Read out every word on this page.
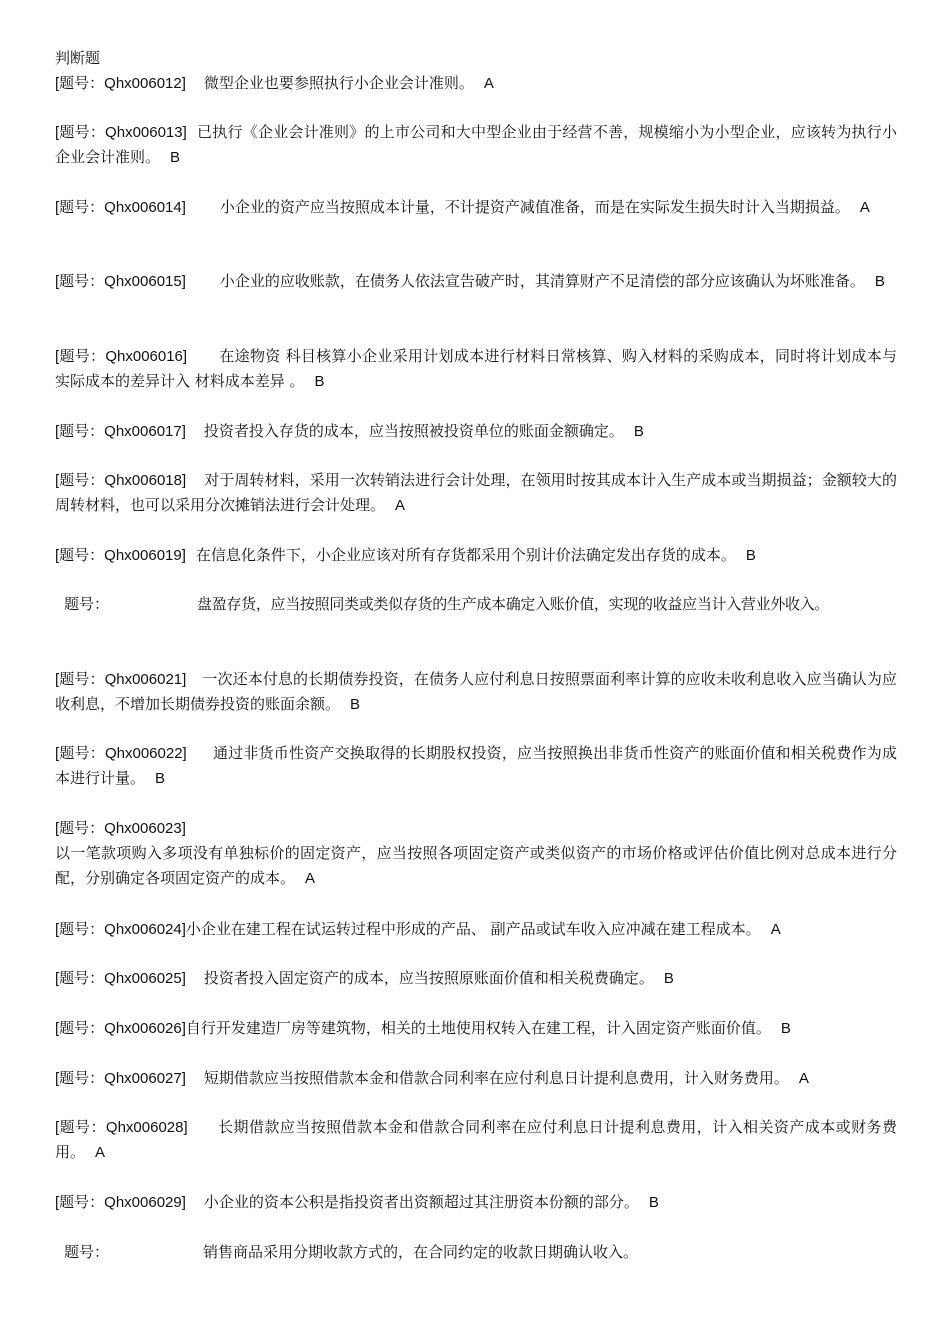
判断题
[题号：Qhx006012] 微型企业也要参照执行小企业会计准则。 A
[题号：Qhx006013] 已执行《企业会计准则》的上市公司和大中型企业由于经营不善，规模缩小为小型企业，应该转为执行小企业会计准则。 B
[题号：Qhx006014] 小企业的资产应当按照成本计量，不计提资产减值准备，而是在实际发生损失时计入当期损益。 A
[题号：Qhx006015] 小企业的应收账款，在债务人依法宣告破产时，其清算财产不足清偿的部分应该确认为坏账准备。 B
[题号：Qhx006016] 在途物资 科目核算小企业采用计划成本进行材料日常核算、购入材料的采购成本，同时将计划成本与实际成本的差异计入 材料成本差异 。 B
[题号：Qhx006017] 投资者投入存货的成本，应当按照被投资单位的账面金额确定。 B
[题号：Qhx006018] 对于周转材料，采用一次转销法进行会计处理，在领用时按其成本计入生产成本或当期损益；金额较大的周转材料，也可以采用分次摊销法进行会计处理。 A
[题号：Qhx006019] 在信息化条件下，小企业应该对所有存货都采用个别计价法确定发出存货的成本。 B
题号：	盘盈存货，应当按照同类或类似存货的生产成本确定入账价值，实现的收益应当计入营业外收入。
[题号：Qhx006021] 一次还本付息的长期债券投资，在债务人应付利息日按照票面利率计算的应收未收利息收入应当确认为应收利息，不增加长期债券投资的账面余额。 B
[题号：Qhx006022] 通过非货币性资产交换取得的长期股权投资，应当按照换出非货币性资产的账面价值和相关税费作为成本进行计量。 B
[题号：Qhx006023]
以一笔款项购入多项没有单独标价的固定资产，应当按照各项固定资产或类似资产的市场价格或评估价值比例对总成本进行分配，分别确定各项固定资产的成本。 A
[题号：Qhx006024]小企业在建工程在试运转过程中形成的产品、 副产品或试车收入应冲减在建工程成本。 A
[题号：Qhx006025] 投资者投入固定资产的成本，应当按照原账面价值和相关税费确定。 B
[题号：Qhx006026]自行开发建造厂房等建筑物，相关的土地使用权转入在建工程，计入固定资产账面价值。 B
[题号：Qhx006027] 短期借款应当按照借款本金和借款合同利率在应付利息日计提利息费用，计入财务费用。 A
[题号：Qhx006028] 长期借款应当按照借款本金和借款合同利率在应付利息日计提利息费用，计入相关资产成本或财务费用。 A
[题号：Qhx006029] 小企业的资本公积是指投资者出资额超过其注册资本份额的部分。 B
题号：	销售商品采用分期收款方式的，在合同约定的收款日期确认收入。
